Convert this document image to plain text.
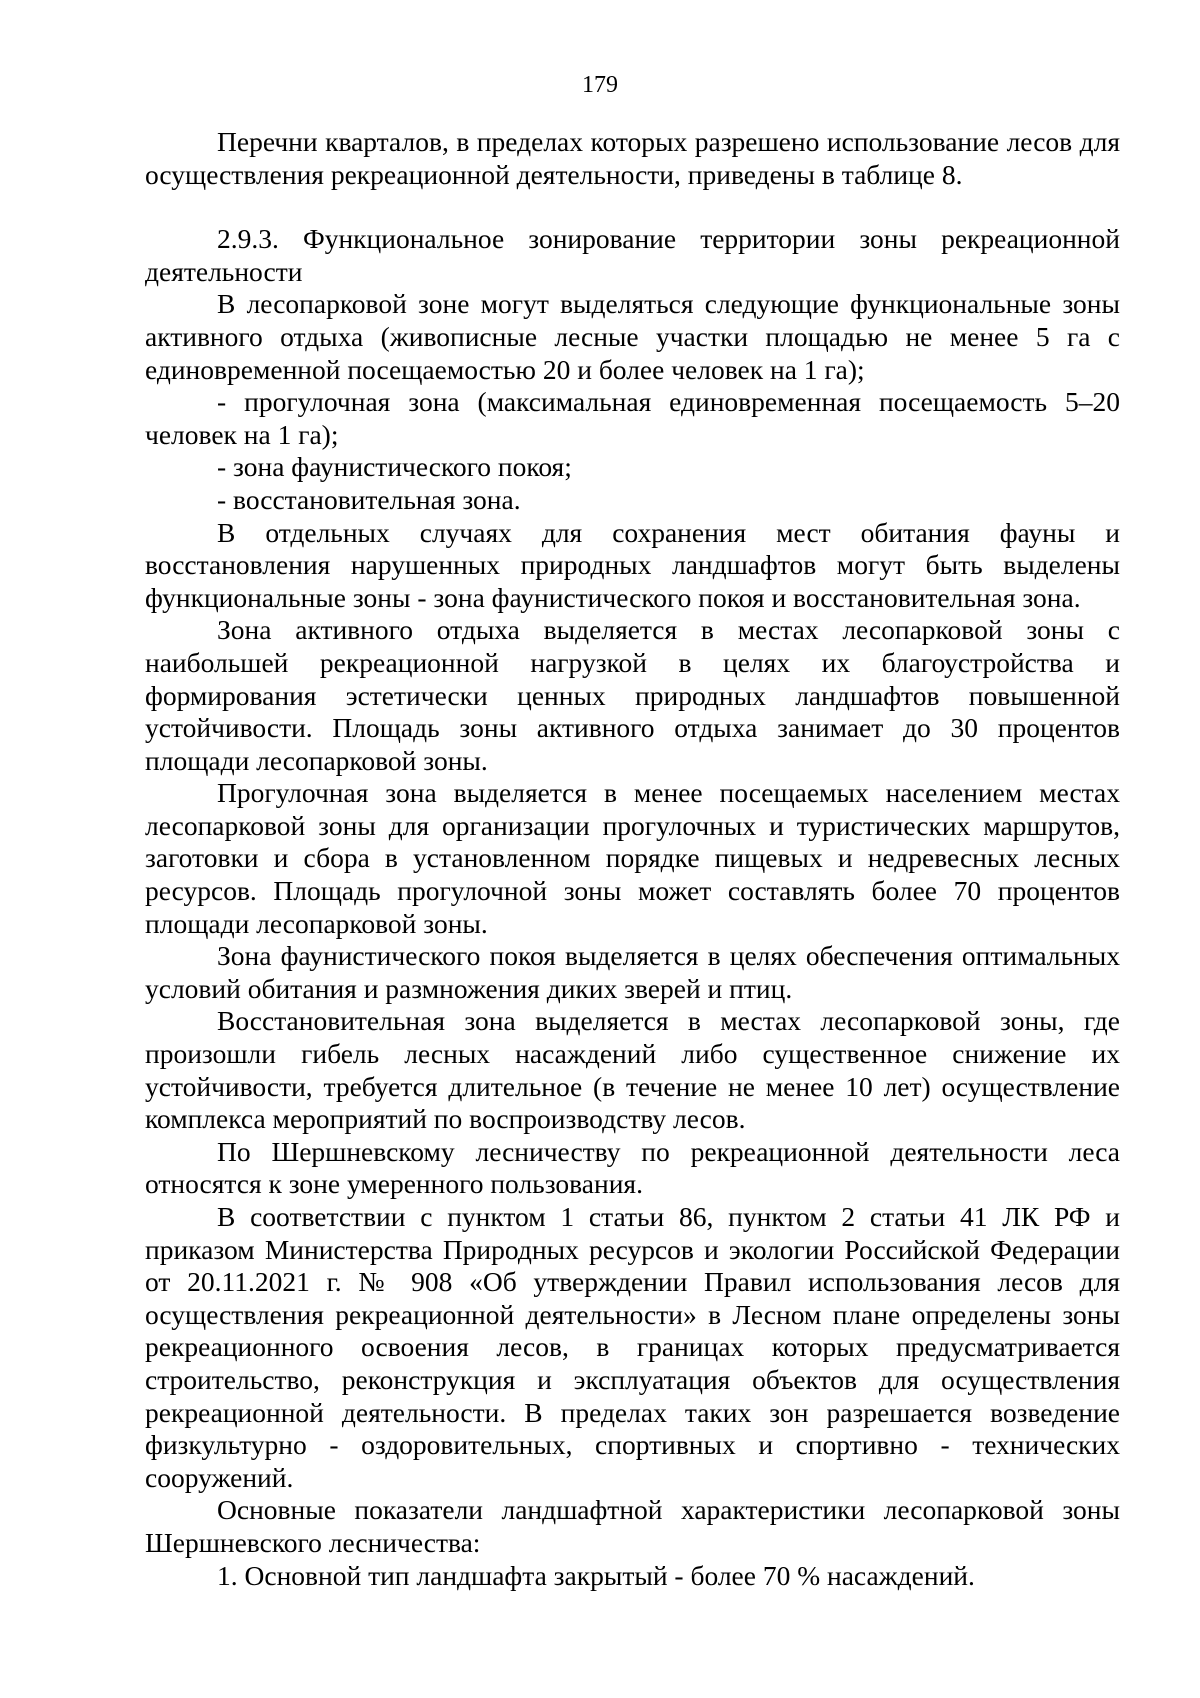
179

Перечни кварталов, в пределах которых разрешено использование лесов для осуществления рекреационной деятельности, приведены в таблице 8.

2.9.3. Функциональное зонирование территории зоны рекреационной деятельности

В лесопарковой зоне могут выделяться следующие функциональные зоны активного отдыха (живописные лесные участки площадью не менее 5 га с единовременной посещаемостью 20 и более человек на 1 га);

- прогулочная зона (максимальная единовременная посещаемость 5–20 человек на 1 га);

- зона фаунистического покоя;

- восстановительная зона.

В отдельных случаях для сохранения мест обитания фауны и восстановления нарушенных природных ландшафтов могут быть выделены функциональные зоны - зона фаунистического покоя и восстановительная зона.

Зона активного отдыха выделяется в местах лесопарковой зоны с наибольшей рекреационной нагрузкой в целях их благоустройства и формирования эстетически ценных природных ландшафтов повышенной устойчивости. Площадь зоны активного отдыха занимает до 30 процентов площади лесопарковой зоны.

Прогулочная зона выделяется в менее посещаемых населением местах лесопарковой зоны для организации прогулочных и туристических маршрутов, заготовки и сбора в установленном порядке пищевых и недревесных лесных ресурсов. Площадь прогулочной зоны может составлять более 70 процентов площади лесопарковой зоны.

Зона фаунистического покоя выделяется в целях обеспечения оптимальных условий обитания и размножения диких зверей и птиц.

Восстановительная зона выделяется в местах лесопарковой зоны, где произошли гибель лесных насаждений либо существенное снижение их устойчивости, требуется длительное (в течение не менее 10 лет) осуществление комплекса мероприятий по воспроизводству лесов.

По Шершневскому лесничеству по рекреационной деятельности леса относятся к зоне умеренного пользования.

В соответствии с пунктом 1 статьи 86, пунктом 2 статьи 41 ЛК РФ и приказом Министерства Природных ресурсов и экологии Российской Федерации от 20.11.2021 г. № 908 «Об утверждении Правил использования лесов для осуществления рекреационной деятельности» в Лесном плане определены зоны рекреационного освоения лесов, в границах которых предусматривается строительство, реконструкция и эксплуатация объектов для осуществления рекреационной деятельности. В пределах таких зон разрешается возведение физкультурно - оздоровительных, спортивных и спортивно - технических сооружений.

Основные показатели ландшафтной характеристики лесопарковой зоны Шершневского лесничества:

1. Основной тип ландшафта закрытый - более 70 % насаждений.
